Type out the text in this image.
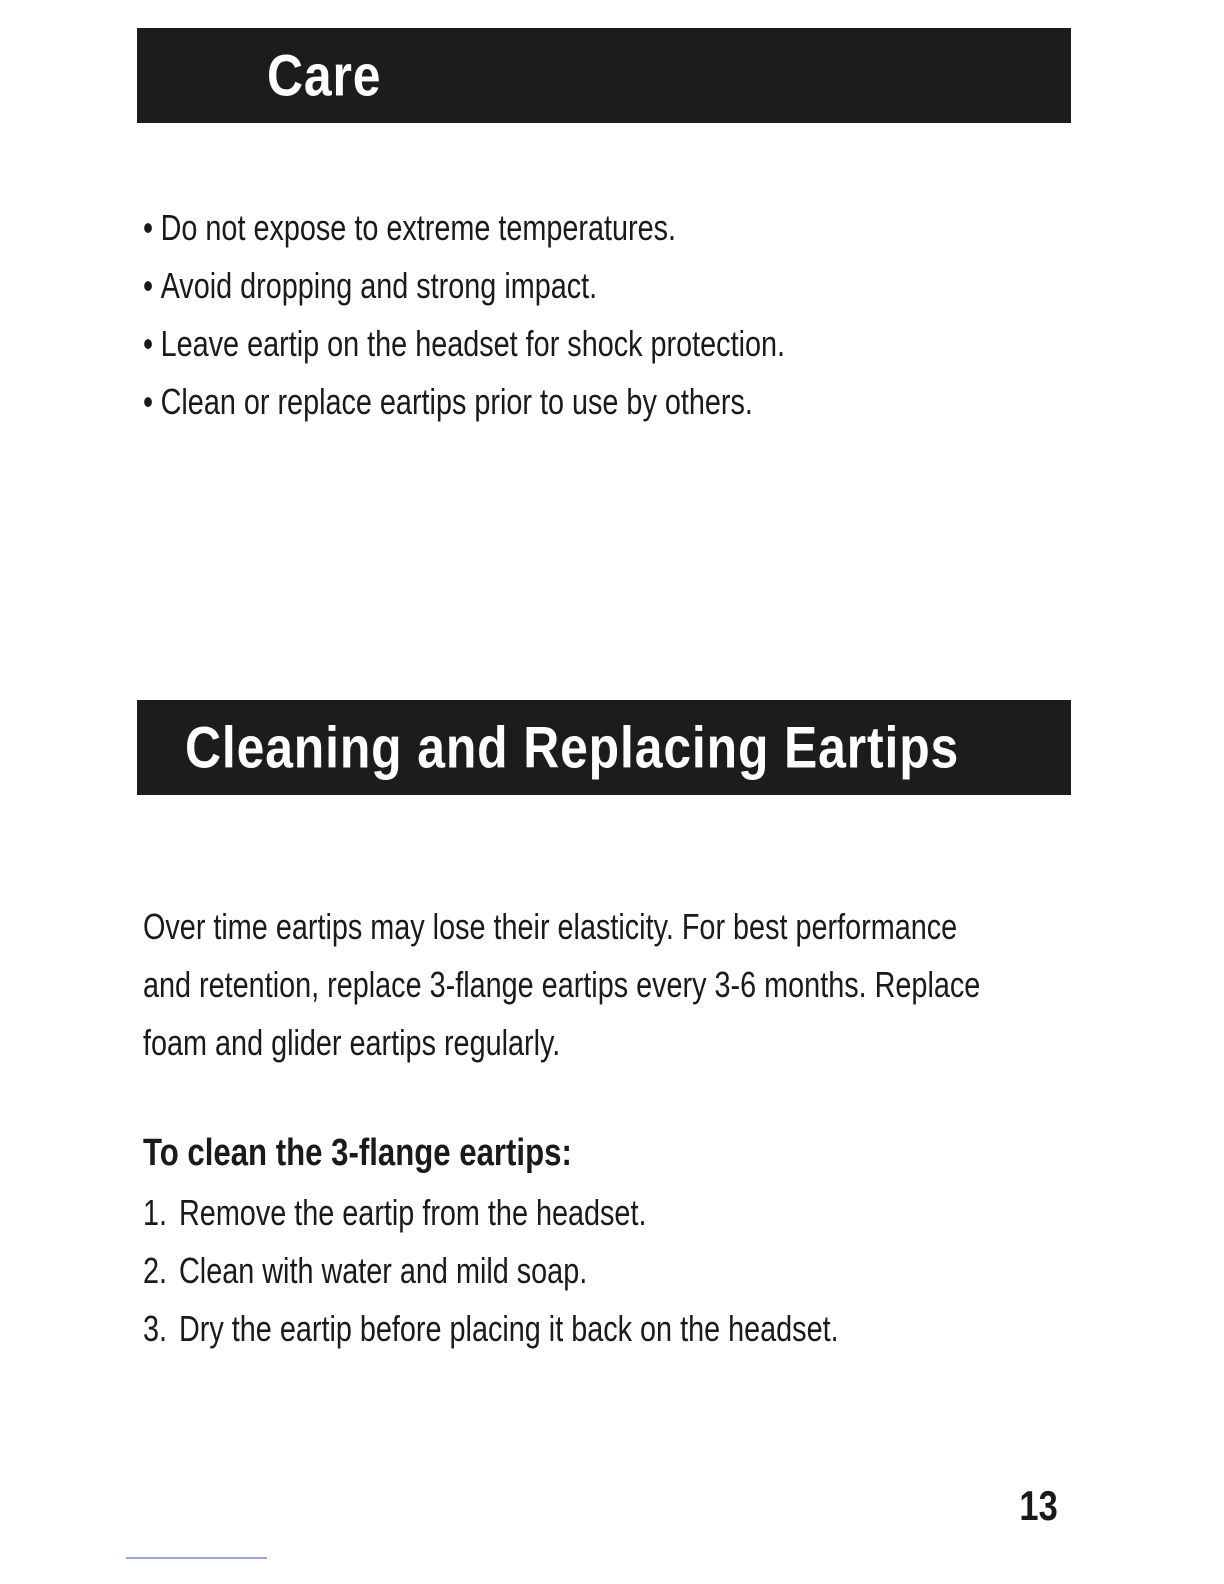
Care
• Do not expose to extreme temperatures.
• Avoid dropping and strong impact.
• Leave eartip on the headset for shock protection.
• Clean or replace eartips prior to use by others.
Cleaning and Replacing Eartips

Over time eartips may lose their elasticity. For best performance
and retention, replace 3-flange eartips every 3-6 months. Replace
foam and glider eartips regularly.

To clean the 3-flange eartips:
1. Remove the eartip from the headset.
2. Clean with water and mild soap.
3. Dry the eartip before placing it back on the headset.
13
